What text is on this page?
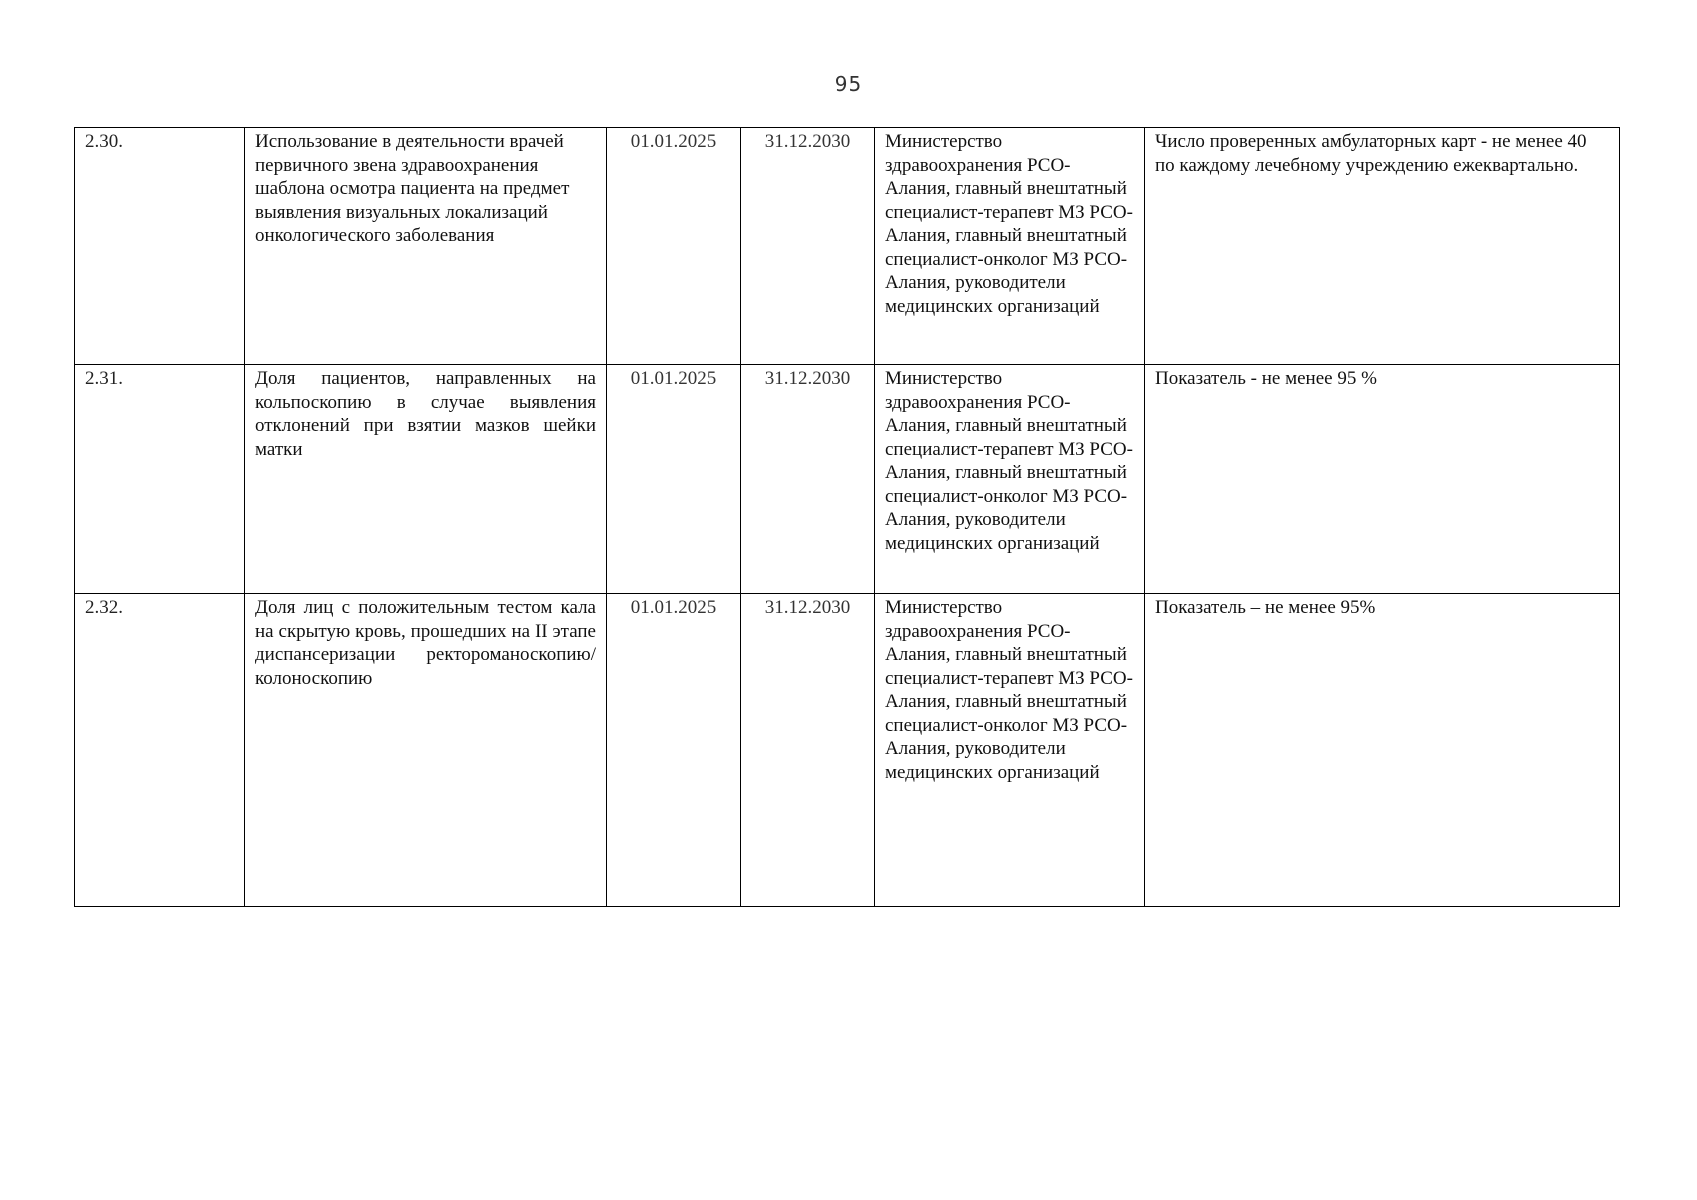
95
2.30.	Использование в деятельности врачей первичного звена здравоохранения шаблона осмотра пациента на предмет выявления визуальных локализаций онкологического заболевания	01.01.2025	31.12.2030	Министерство здравоохранения РСО-Алания, главный внештатный специалист-терапевт МЗ РСО-Алания, главный внештатный специалист-онколог МЗ РСО-Алания, руководители медицинских организаций	Число проверенных амбулаторных карт - не менее 40 по каждому лечебному учреждению ежеквартально.
2.31.	Доля пациентов, направленных на кольпоскопию в случае выявления отклонений при взятии мазков шейки матки	01.01.2025	31.12.2030	Министерство здравоохранения РСО-Алания, главный внештатный специалист-терапевт МЗ РСО-Алания, главный внештатный специалист-онколог МЗ РСО-Алания, руководители медицинских организаций	Показатель - не менее 95 %
2.32.	Доля лиц с положительным тестом кала на скрытую кровь, прошедших на II этапе диспансеризации ректороманоскопию/колоноскопию	01.01.2025	31.12.2030	Министерство здравоохранения РСО-Алания, главный внештатный специалист-терапевт МЗ РСО-Алания, главный внештатный специалист-онколог МЗ РСО-Алания, руководители медицинских организаций	Показатель – не менее 95%
